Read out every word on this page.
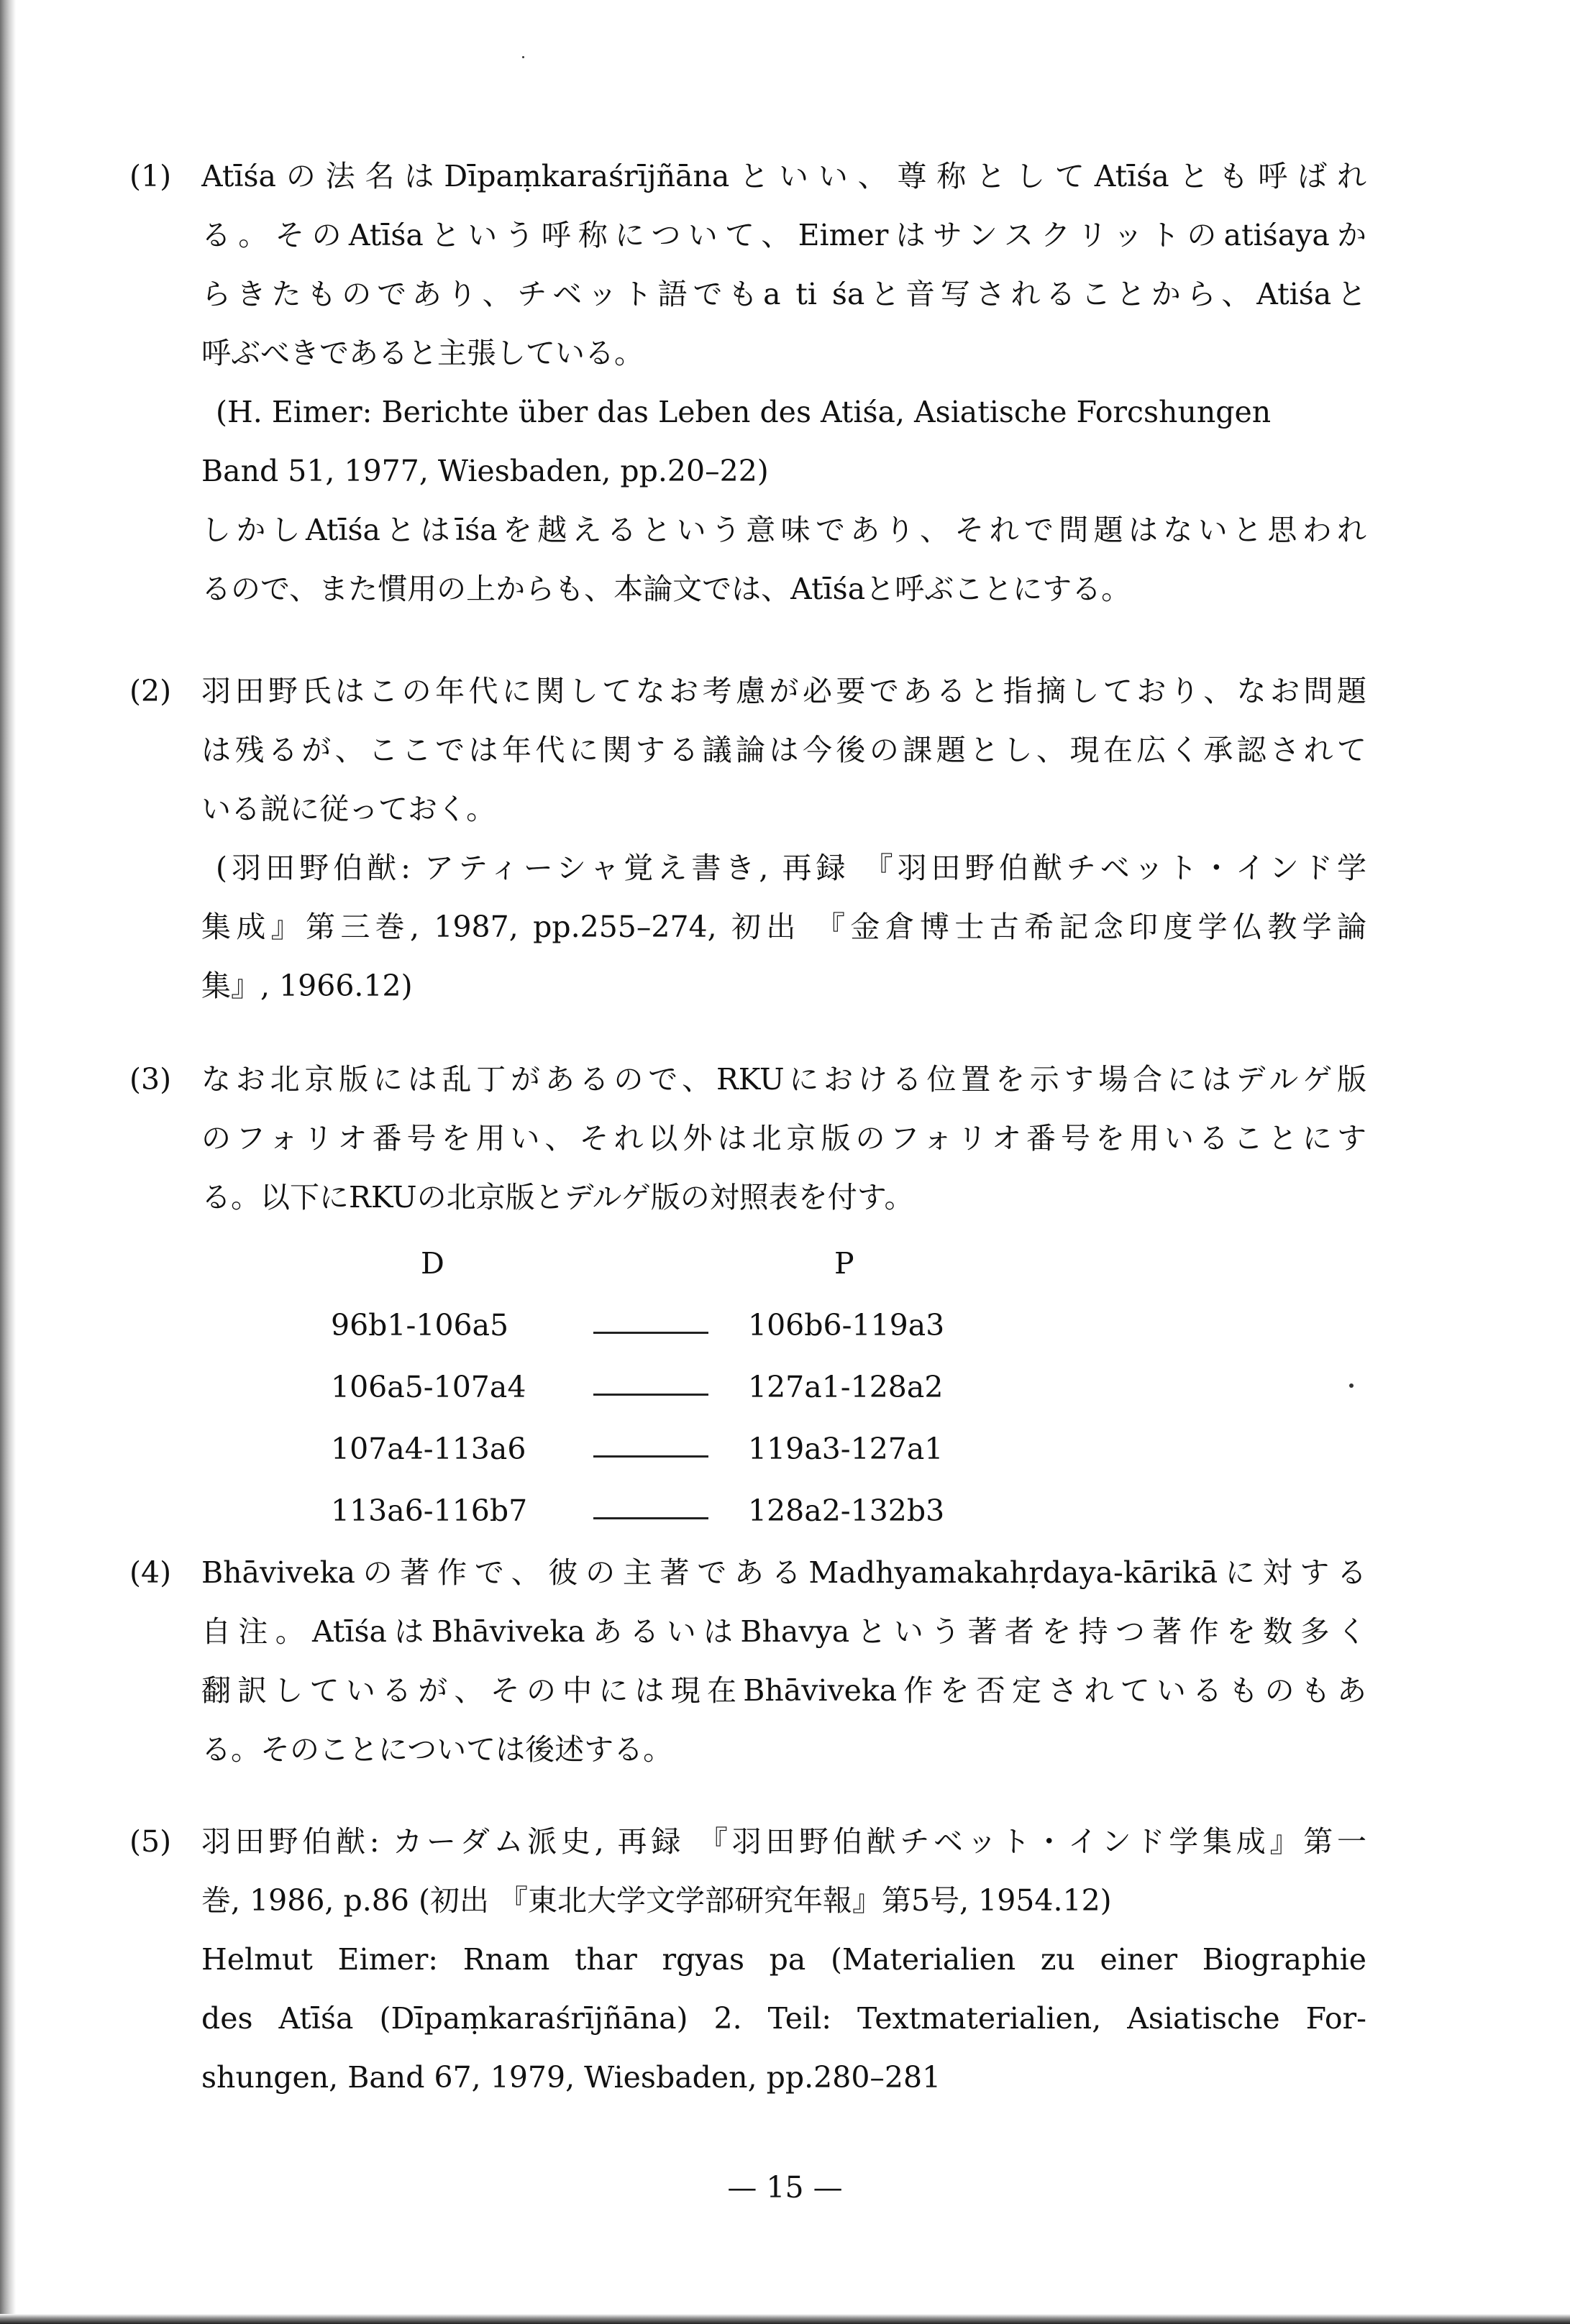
(1) Atīśaの法名はDīpaṃkaraśrījñānaといい、尊称としてAtīśaとも呼ばれ
る。そのAtīśaという呼称について、Eimerはサンスクリットのatiśayaか
らきたものであり、チベット語でもa ti śaと音写されることから、Atiśaと
呼ぶべきであると主張している。
(H. Eimer: Berichte über das Leben des Atiśa, Asiatische Forcshungen
Band 51, 1977, Wiesbaden, pp.20–22)
しかしAtīśaとはīśaを越えるという意味であり、それで問題はないと思われ
るので、また慣用の上からも、本論文では、Atīśaと呼ぶことにする。
(2) 羽田野氏はこの年代に関してなお考慮が必要であると指摘しており、なお問題
は残るが、ここでは年代に関する議論は今後の課題とし、現在広く承認されて
いる説に従っておく。
(羽田野伯猷: アティーシャ覚え書き, 再録 『羽田野伯猷チベット・インド学
集成』第三巻, 1987, pp.255–274, 初出 『金倉博士古希記念印度学仏教学論
集』, 1966.12)
(3) なお北京版には乱丁があるので、RKUにおける位置を示す場合にはデルゲ版
のフォリオ番号を用い、それ以外は北京版のフォリオ番号を用いることにす
る。以下にRKUの北京版とデルゲ版の対照表を付す。
D	P
96b1-106a5	106b6-119a3
106a5-107a4	127a1-128a2
107a4-113a6	119a3-127a1
113a6-116b7	128a2-132b3
(4) Bhāvivekaの著作で、彼の主著であるMadhyamakahṛdaya-kārikāに対する
自注。AtīśaはBhāvivekaあるいはBhavyaという著者を持つ著作を数多く
翻訳しているが、その中には現在Bhāviveka作を否定されているものもあ
る。そのことについては後述する。
(5) 羽田野伯猷: カーダム派史, 再録 『羽田野伯猷チベット・インド学集成』第一
巻, 1986, p.86 (初出 『東北大学文学部研究年報』第5号, 1954.12)
Helmut Eimer: Rnam thar rgyas pa (Materialien zu einer Biographie
des Atīśa (Dīpaṃkaraśrījñāna) 2. Teil: Textmaterialien, Asiatische For-
shungen, Band 67, 1979, Wiesbaden, pp.280–281
— 15 —
